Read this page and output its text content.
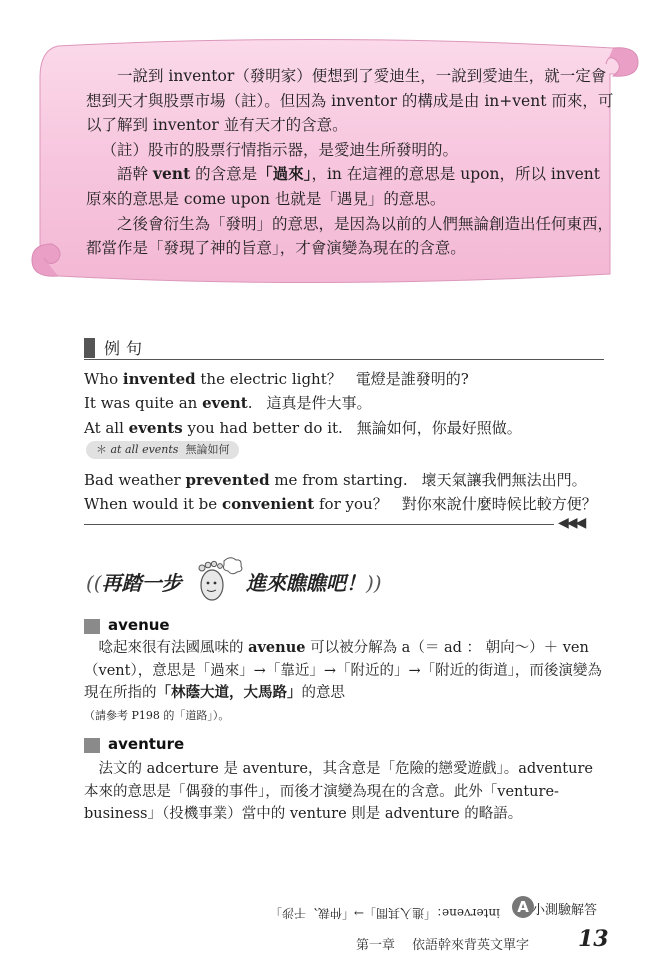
一說到 inventor（發明家）便想到了愛迪生，一說到愛迪生，就一定會想到天才與股票市場（註）。但因為 inventor 的構成是由 in+vent 而來，可以了解到 inventor 並有天才的含意。

（註）股市的股票行情指示器，是愛迪生所發明的。

語幹 vent 的含意是「過來」，in 在這裡的意思是 upon，所以 invent 原來的意思是 come upon 也就是「遇見」的意思。

之後會衍生為「發明」的意思，是因為以前的人們無論創造出任何東西，都當作是「發現了神的旨意」，才會演變為現在的含意。

例句
Who invented the electric light？ 電燈是誰發明的?
It was quite an event. 這真是件大事。
At all events you had better do it. 無論如何，你最好照做。
＊ at all events 無論如何
Bad weather prevented me from starting. 壞天氣讓我們無法出門。
When would it be convenient for you？ 對你來說什麼時候比較方便？
◀◀◀
((再踏一步	進來瞧瞧吧！))
avenue

唸起來很有法國風味的 avenue 可以被分解為 a（＝ ad ： 朝向～）＋ ven（vent），意思是「過來」→「靠近」→「附近的」→「附近的街道」，而後演變為現在所指的「林蔭大道，大馬路」的意思

（請參考 P198 的「道路」）。
aventure

法文的 adcerture 是 aventure，其含意是「危險的戀愛遊戲」。adventure 本來的意思是「偶發的事件」，而後才演變為現在的含意。此外「venture-business」（投機事業）當中的 venture 則是 adventure 的略語。

intervene：「進入其間」→「仲裁、干涉」	A 小測驗解答
第一章 依語幹來背英文單字 13
